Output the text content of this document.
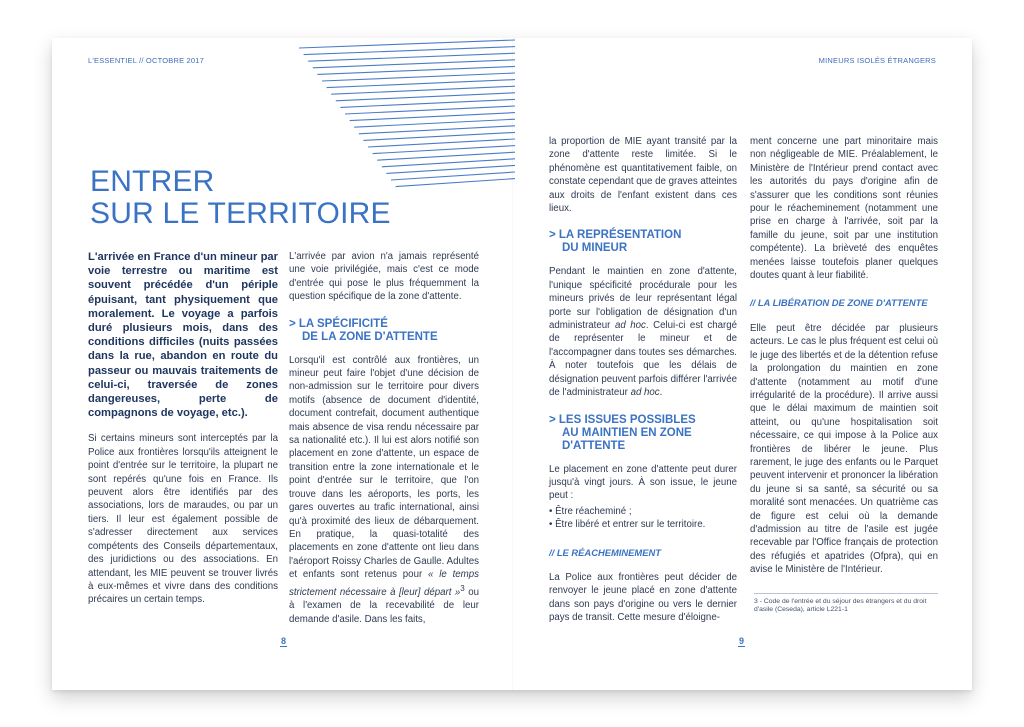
L'ESSENTIEL // OCTOBRE 2017	MINEURS ISOLÉS ÉTRANGERS
ENTRER
SUR LE TERRITOIRE

L'arrivée en France d'un mineur par voie terrestre ou maritime est souvent précédée d'un périple épuisant, tant physiquement que moralement. Le voyage a parfois duré plusieurs mois, dans des conditions difficiles (nuits passées dans la rue, abandon en route du passeur ou mauvais traitements de celui-ci, traversée de zones dangereuses, perte de compagnons de voyage, etc.).

Si certains mineurs sont interceptés par la Police aux frontières lorsqu'ils atteignent le point d'entrée sur le territoire, la plupart ne sont repérés qu'une fois en France. Ils peuvent alors être identifiés par des associations, lors de maraudes, ou par un tiers. Il leur est également possible de s'adresser directement aux services compétents des Conseils départementaux, des juridictions ou des associations. En attendant, les MIE peuvent se trouver livrés à eux-mêmes et vivre dans des conditions précaires un certain temps.

L'arrivée par avion n'a jamais représenté une voie privilégiée, mais c'est ce mode d'entrée qui pose le plus fréquemment la question spécifique de la zone d'attente.

> LA SPÉCIFICITÉ
DE LA ZONE D'ATTENTE

Lorsqu'il est contrôlé aux frontières, un mineur peut faire l'objet d'une décision de non-admission sur le territoire pour divers motifs (absence de document d'identité, document contrefait, document authentique mais absence de visa rendu nécessaire par sa nationalité etc.). Il lui est alors notifié son placement en zone d'attente, un espace de transition entre la zone internationale et le point d'entrée sur le territoire, que l'on trouve dans les aéroports, les ports, les gares ouvertes au trafic international, ainsi qu'à proximité des lieux de débarquement. En pratique, la quasi-totalité des placements en zone d'attente ont lieu dans l'aéroport Roissy Charles de Gaulle. Adultes et enfants sont retenus pour « le temps strictement nécessaire à [leur] départ »$^3$ ou à l'examen de la recevabilité de leur demande d'asile. Dans les faits,

la proportion de MIE ayant transité par la zone d'attente reste limitée. Si le phénomène est quantitativement faible, on constate cependant que de graves atteintes aux droits de l'enfant existent dans ces lieux.

> LA REPRÉSENTATION
DU MINEUR

Pendant le maintien en zone d'attente, l'unique spécificité procédurale pour les mineurs privés de leur représentant légal porte sur l'obligation de désignation d'un administrateur ad hoc. Celui-ci est chargé de représenter le mineur et de l'accompagner dans toutes ses démarches. À noter toutefois que les délais de désignation peuvent parfois différer l'arrivée de l'administrateur ad hoc.

> LES ISSUES POSSIBLES
AU MAINTIEN EN ZONE
D'ATTENTE

Le placement en zone d'attente peut durer jusqu'à vingt jours. À son issue, le jeune peut :

• Être réacheminé ;
• Être libéré et entrer sur le territoire.
// LE RÉACHEMINEMENT

La Police aux frontières peut décider de renvoyer le jeune placé en zone d'attente dans son pays d'origine ou vers le dernier pays de transit. Cette mesure d'éloigne-

ment concerne une part minoritaire mais non négligeable de MIE. Préalablement, le Ministère de l'Intérieur prend contact avec les autorités du pays d'origine afin de s'assurer que les conditions sont réunies pour le réacheminement (notamment une prise en charge à l'arrivée, soit par la famille du jeune, soit par une institution compétente). La brièveté des enquêtes menées laisse toutefois planer quelques doutes quant à leur fiabilité.

// LA LIBÉRATION DE ZONE D'ATTENTE

Elle peut être décidée par plusieurs acteurs. Le cas le plus fréquent est celui où le juge des libertés et de la détention refuse la prolongation du maintien en zone d'attente (notamment au motif d'une irrégularité de la procédure). Il arrive aussi que le délai maximum de maintien soit atteint, ou qu'une hospitalisation soit nécessaire, ce qui impose à la Police aux frontières de libérer le jeune. Plus rarement, le juge des enfants ou le Parquet peuvent intervenir et prononcer la libération du jeune si sa santé, sa sécurité ou sa moralité sont menacées. Un quatrième cas de figure est celui où la demande d'admission au titre de l'asile est jugée recevable par l'Office français de protection des réfugiés et apatrides (Ofpra), qui en avise le Ministère de l'Intérieur.

3 - Code de l'entrée et du séjour des étrangers et du droit d'asile (Ceseda), article L221-1
8	9
